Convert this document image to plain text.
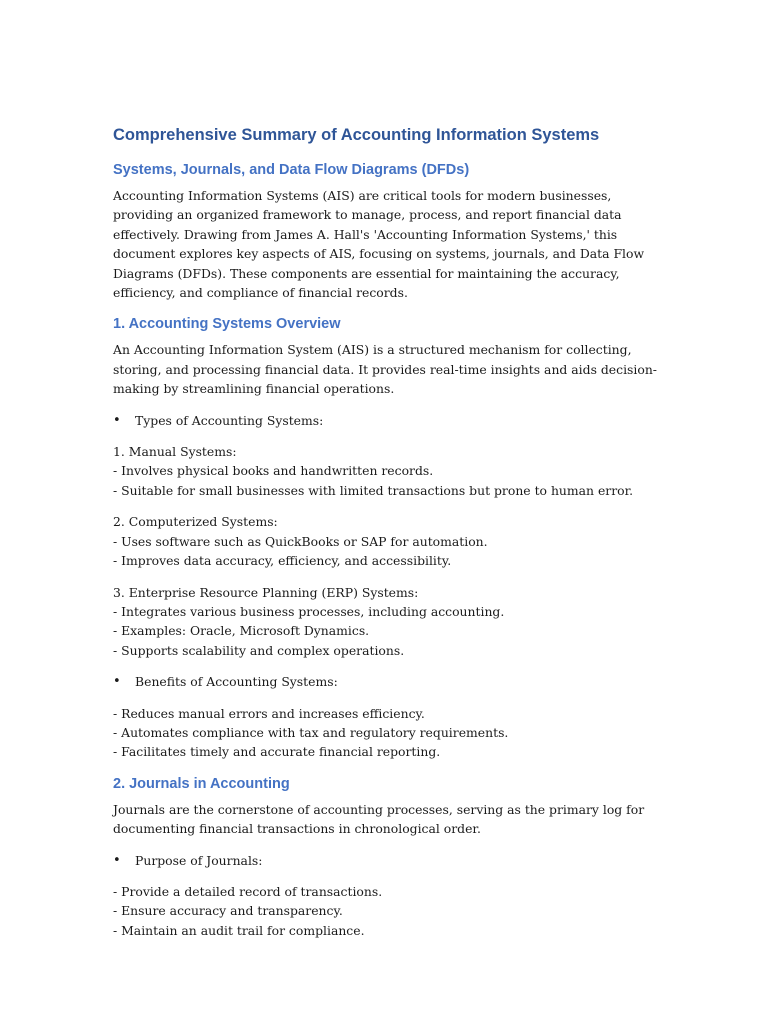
Comprehensive Summary of Accounting Information Systems
Systems, Journals, and Data Flow Diagrams (DFDs)

Accounting Information Systems (AIS) are critical tools for modern businesses, providing an organized framework to manage, process, and report financial data effectively. Drawing from James A. Hall's 'Accounting Information Systems,' this document explores key aspects of AIS, focusing on systems, journals, and Data Flow Diagrams (DFDs). These components are essential for maintaining the accuracy, efficiency, and compliance of financial records.

1. Accounting Systems Overview

An Accounting Information System (AIS) is a structured mechanism for collecting, storing, and processing financial data. It provides real-time insights and aids decision-making by streamlining financial operations.

• Types of Accounting Systems:

1. Manual Systems:

- Involves physical books and handwritten records.

- Suitable for small businesses with limited transactions but prone to human error.

2. Computerized Systems:

- Uses software such as QuickBooks or SAP for automation.

- Improves data accuracy, efficiency, and accessibility.

3. Enterprise Resource Planning (ERP) Systems:

- Integrates various business processes, including accounting.

- Examples: Oracle, Microsoft Dynamics.

- Supports scalability and complex operations.

• Benefits of Accounting Systems:

- Reduces manual errors and increases efficiency.

- Automates compliance with tax and regulatory requirements.

- Facilitates timely and accurate financial reporting.

2. Journals in Accounting

Journals are the cornerstone of accounting processes, serving as the primary log for documenting financial transactions in chronological order.

• Purpose of Journals:

- Provide a detailed record of transactions.

- Ensure accuracy and transparency.

- Maintain an audit trail for compliance.
